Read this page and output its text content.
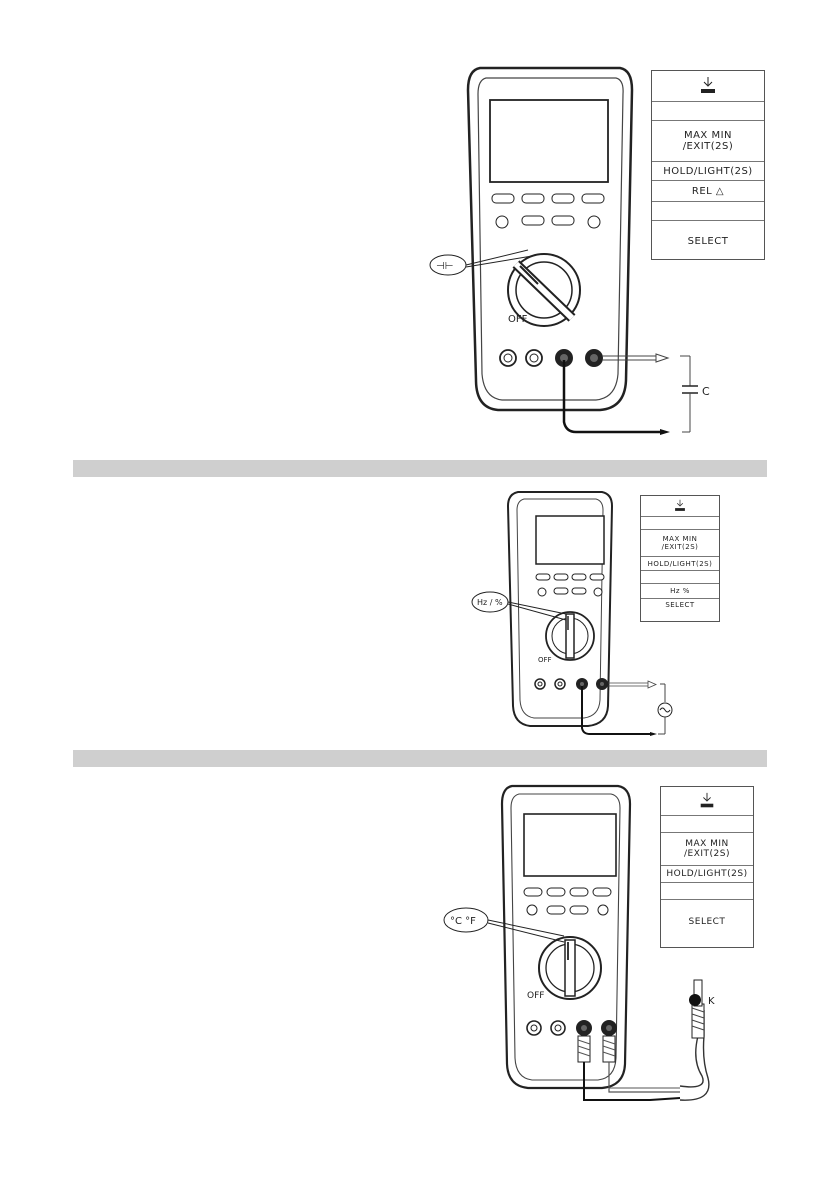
OFF
⊣⊢
C
MAX MIN
/EXIT(2S)
HOLD/LIGHT(2S)
REL △
SELECT
OFF
Hz / %
MAX MIN
/EXIT(2S)
HOLD/LIGHT(2S)
Hz %
SELECT
OFF
°C °F
K
MAX MIN
/EXIT(2S)
HOLD/LIGHT(2S)
SELECT
